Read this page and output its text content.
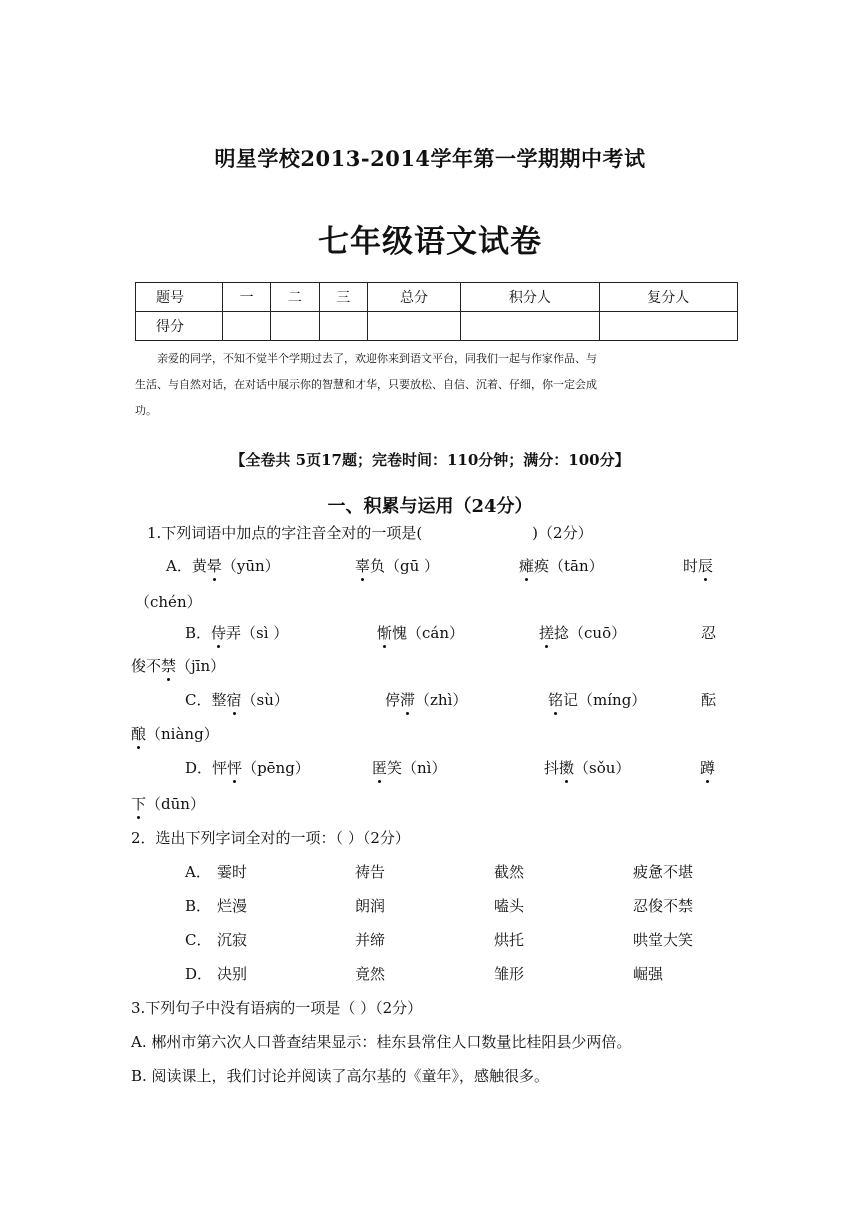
明星学校2013-2014学年第一学期期中考试
七年级语文试卷
题号	一	二	三	总分	积分人	复分人
得分						

亲爱的同学，不知不觉半个学期过去了，欢迎你来到语文平台，同我们一起与作家作品、与

生活、与自然对话，在对话中展示你的智慧和才华，只要放松、自信、沉着、仔细，你一定会成

功。

【全卷共 5页17题；完卷时间：110分钟；满分：100分】
一、积累与运用（24分）
1.下列词语中加点的字注音全对的一项是(	)（2分）
A．黄晕（yūn）	辜负（gū ）	瘫痪（tān）	时辰
（chén）
B．侍弄（sì ）	惭愧（cán）	搓捻（cuō）	忍
俊不禁（jīn）
C．整宿（sù）	停滞（zhì）	铭记（míng）	酝
酿（niàng）
D．怦怦（pēng）	匿笑（nì）	抖擞（sǒu）	蹲
下（dūn）
2．选出下列字词全对的一项：（ ）（2分）
A． 霎时	祷告	截然	疲惫不堪
B． 烂漫	朗润	嗑头	忍俊不禁
C． 沉寂	并缔	烘托	哄堂大笑
D． 决别	竟然	雏形	崛强
3.下列句子中没有语病的一项是（ ）（2分）
A. 郴州市第六次人口普查结果显示：桂东县常住人口数量比桂阳县少两倍。
B. 阅读课上，我们讨论并阅读了高尔基的《童年》，感触很多。
